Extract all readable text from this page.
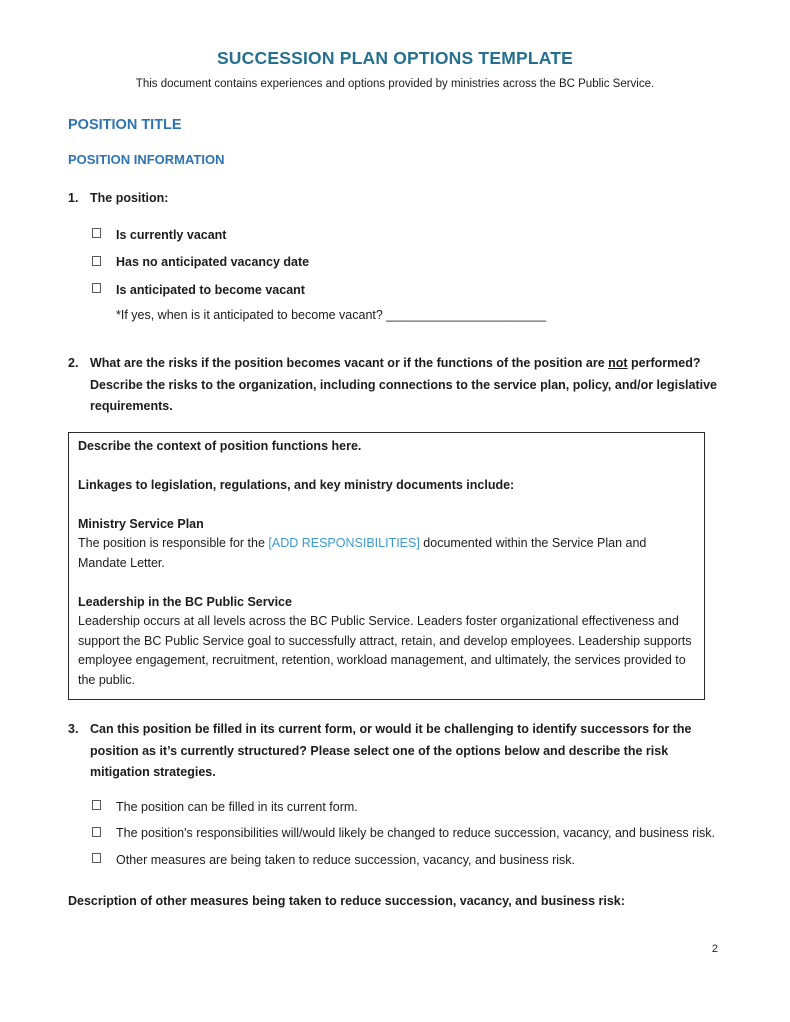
SUCCESSION PLAN OPTIONS TEMPLATE
This document contains experiences and options provided by ministries across the BC Public Service.
POSITION TITLE
POSITION INFORMATION
1. The position:
Is currently vacant
Has no anticipated vacancy date
Is anticipated to become vacant
*If yes, when is it anticipated to become vacant? _______________________
2. What are the risks if the position becomes vacant or if the functions of the position are not performed? Describe the risks to the organization, including connections to the service plan, policy, and/or legislative requirements.

Describe the context of position functions here.

Linkages to legislation, regulations, and key ministry documents include:

Ministry Service Plan

The position is responsible for the [ADD RESPONSIBILITIES] documented within the Service Plan and Mandate Letter.

Leadership in the BC Public Service

Leadership occurs at all levels across the BC Public Service. Leaders foster organizational effectiveness and support the BC Public Service goal to successfully attract, retain, and develop employees. Leadership supports employee engagement, recruitment, retention, workload management, and ultimately, the services provided to the public.

3. Can this position be filled in its current form, or would it be challenging to identify successors for the position as it’s currently structured? Please select one of the options below and describe the risk mitigation strategies.
The position can be filled in its current form.
The position's responsibilities will/would likely be changed to reduce succession, vacancy, and business risk.
Other measures are being taken to reduce succession, vacancy, and business risk.
Description of other measures being taken to reduce succession, vacancy, and business risk:
2
